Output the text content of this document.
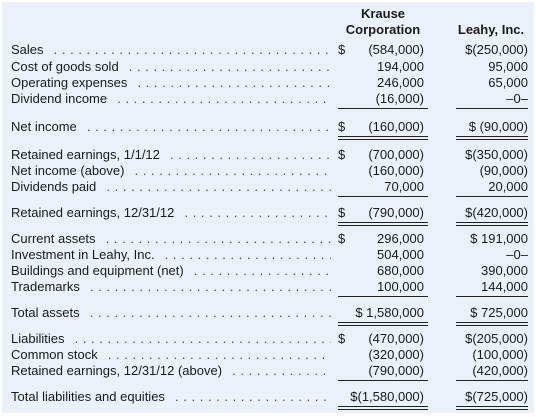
Krause
Corporation	Leahy, Inc.
Sales . . .	$ (584,000)	$(250,000)
Cost of goods sold . . .	194,000	95,000
Operating expenses . . .	246,000	65,000
Dividend income . . .	(16,000)	–0–
Net income . . .	$ (160,000)	$ (90,000)
Retained earnings, 1/1/12 . . .	$ (700,000)	$(350,000)
Net income (above) . . .	(160,000)	(90,000)
Dividends paid . . .	70,000	20,000
Retained earnings, 12/31/12 . . .	$ (790,000)	$(420,000)
Current assets . . .	$ 296,000	$ 191,000
Investment in Leahy, Inc. . . .	504,000	–0–
Buildings and equipment (net) . . .	680,000	390,000
Trademarks . . .	100,000	144,000
Total assets . . .	$ 1,580,000	$ 725,000
Liabilities . . .	$ (470,000)	$(205,000)
Common stock . . .	(320,000)	(100,000)
Retained earnings, 12/31/12 (above) . . .	(790,000)	(420,000)
Total liabilities and equities . . .	$(1,580,000)	$(725,000)
